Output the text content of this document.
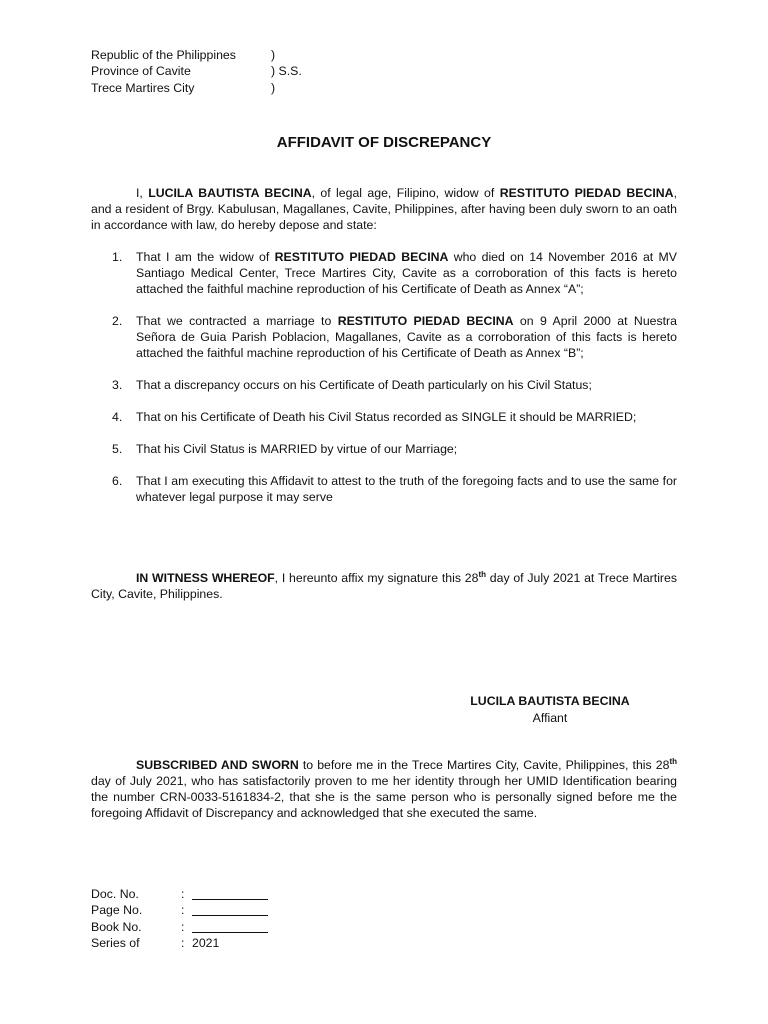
Republic of the Philippines	)
Province of Cavite	) S.S.
Trece Martires City	)
AFFIDAVIT OF DISCREPANCY

I, LUCILA BAUTISTA BECINA, of legal age, Filipino, widow of RESTITUTO PIEDAD BECINA, and a resident of Brgy. Kabulusan, Magallanes, Cavite, Philippines, after having been duly sworn to an oath in accordance with law, do hereby depose and state:

1. That I am the widow of RESTITUTO PIEDAD BECINA who died on 14 November 2016 at MV Santiago Medical Center, Trece Martires City, Cavite as a corroboration of this facts is hereto attached the faithful machine reproduction of his Certificate of Death as Annex “A”;
2. That we contracted a marriage to RESTITUTO PIEDAD BECINA on 9 April 2000 at Nuestra Señora de Guia Parish Poblacion, Magallanes, Cavite as a corroboration of this facts is hereto attached the faithful machine reproduction of his Certificate of Death as Annex “B”;
3. That a discrepancy occurs on his Certificate of Death particularly on his Civil Status;
4. That on his Certificate of Death his Civil Status recorded as SINGLE it should be MARRIED;
5. That his Civil Status is MARRIED by virtue of our Marriage;
6. That I am executing this Affidavit to attest to the truth of the foregoing facts and to use the same for whatever legal purpose it may serve

IN WITNESS WHEREOF, I hereunto affix my signature this 28th day of July 2021 at Trece Martires City, Cavite, Philippines.

LUCILA BAUTISTA BECINA
Affiant

SUBSCRIBED AND SWORN to before me in the Trece Martires City, Cavite, Philippines, this 28th day of July 2021, who has satisfactorily proven to me her identity through her UMID Identification bearing the number CRN-0033-5161834-2, that she is the same person who is personally signed before me the foregoing Affidavit of Discrepancy and acknowledged that she executed the same.

Doc. No.	:
Page No.	:
Book No.	:
Series of	: 2021
